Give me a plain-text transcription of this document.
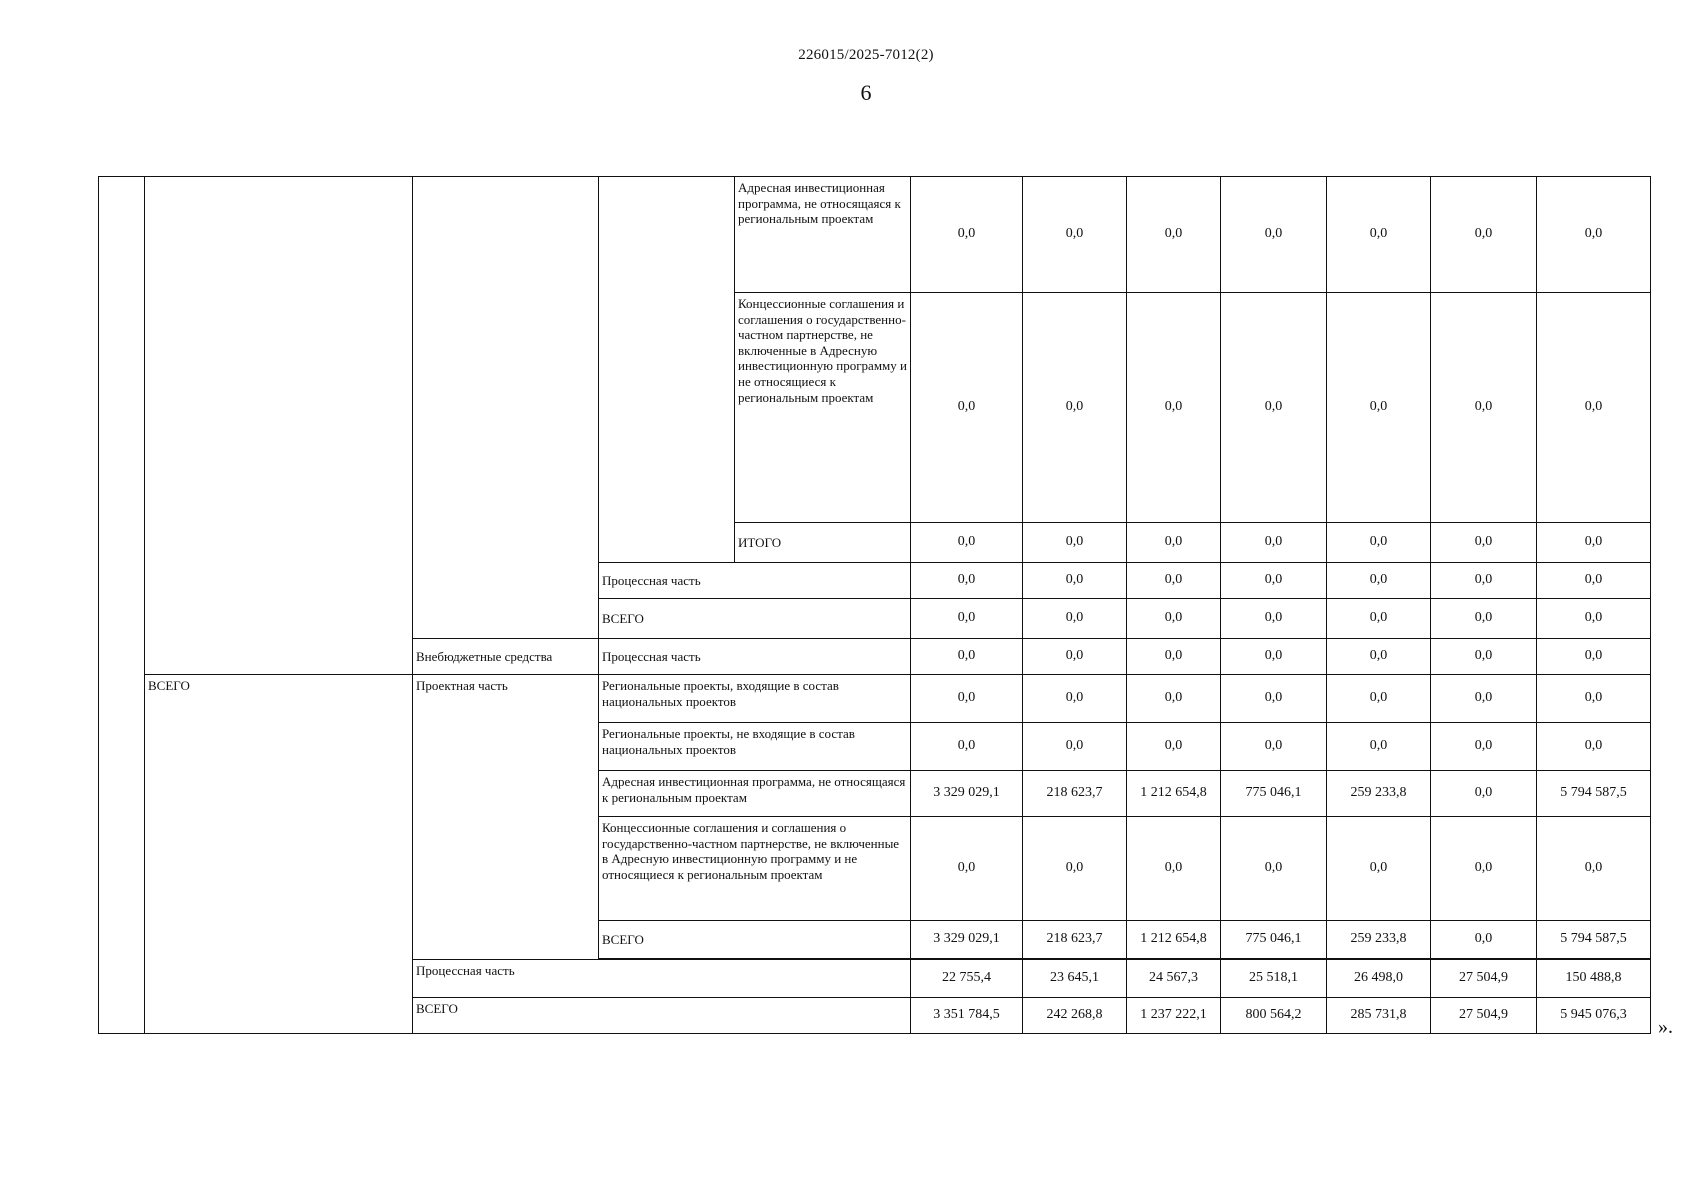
226015/2025-7012(2)
6
				Адресная инвестиционная программа, не относящаяся к региональным проектам	0,0	0,0	0,0	0,0	0,0	0,0	0,0
				Концессионные соглашения и соглашения о государственно-частном партнерстве, не включенные в Адресную инвестиционную программу и не относящиеся к региональным проектам	0,0	0,0	0,0	0,0	0,0	0,0	0,0
				ИТОГО	0,0	0,0	0,0	0,0	0,0	0,0	0,0
			Процессная часть		0,0	0,0	0,0	0,0	0,0	0,0	0,0
			ВСЕГО		0,0	0,0	0,0	0,0	0,0	0,0	0,0
		Внебюджетные средства	Процессная часть		0,0	0,0	0,0	0,0	0,0	0,0	0,0
	ВСЕГО	Проектная часть	Региональные проекты, входящие в состав национальных проектов		0,0	0,0	0,0	0,0	0,0	0,0	0,0
			Региональные проекты, не входящие в состав национальных проектов		0,0	0,0	0,0	0,0	0,0	0,0	0,0
			Адресная инвестиционная программа, не относящаяся к региональным проектам		3 329 029,1	218 623,7	1 212 654,8	775 046,1	259 233,8	0,0	5 794 587,5
			Концессионные соглашения и соглашения о государственно-частном партнерстве, не включенные в Адресную инвестиционную программу и не относящиеся к региональным проектам		0,0	0,0	0,0	0,0	0,0	0,0	0,0
			ВСЕГО		3 329 029,1	218 623,7	1 212 654,8	775 046,1	259 233,8	0,0	5 794 587,5

		Процессная часть			22 755,4	23 645,1	24 567,3	25 518,1	26 498,0	27 504,9	150 488,8
		ВСЕГО			3 351 784,5	242 268,8	1 237 222,1	800 564,2	285 731,8	27 504,9	5 945 076,3
».
